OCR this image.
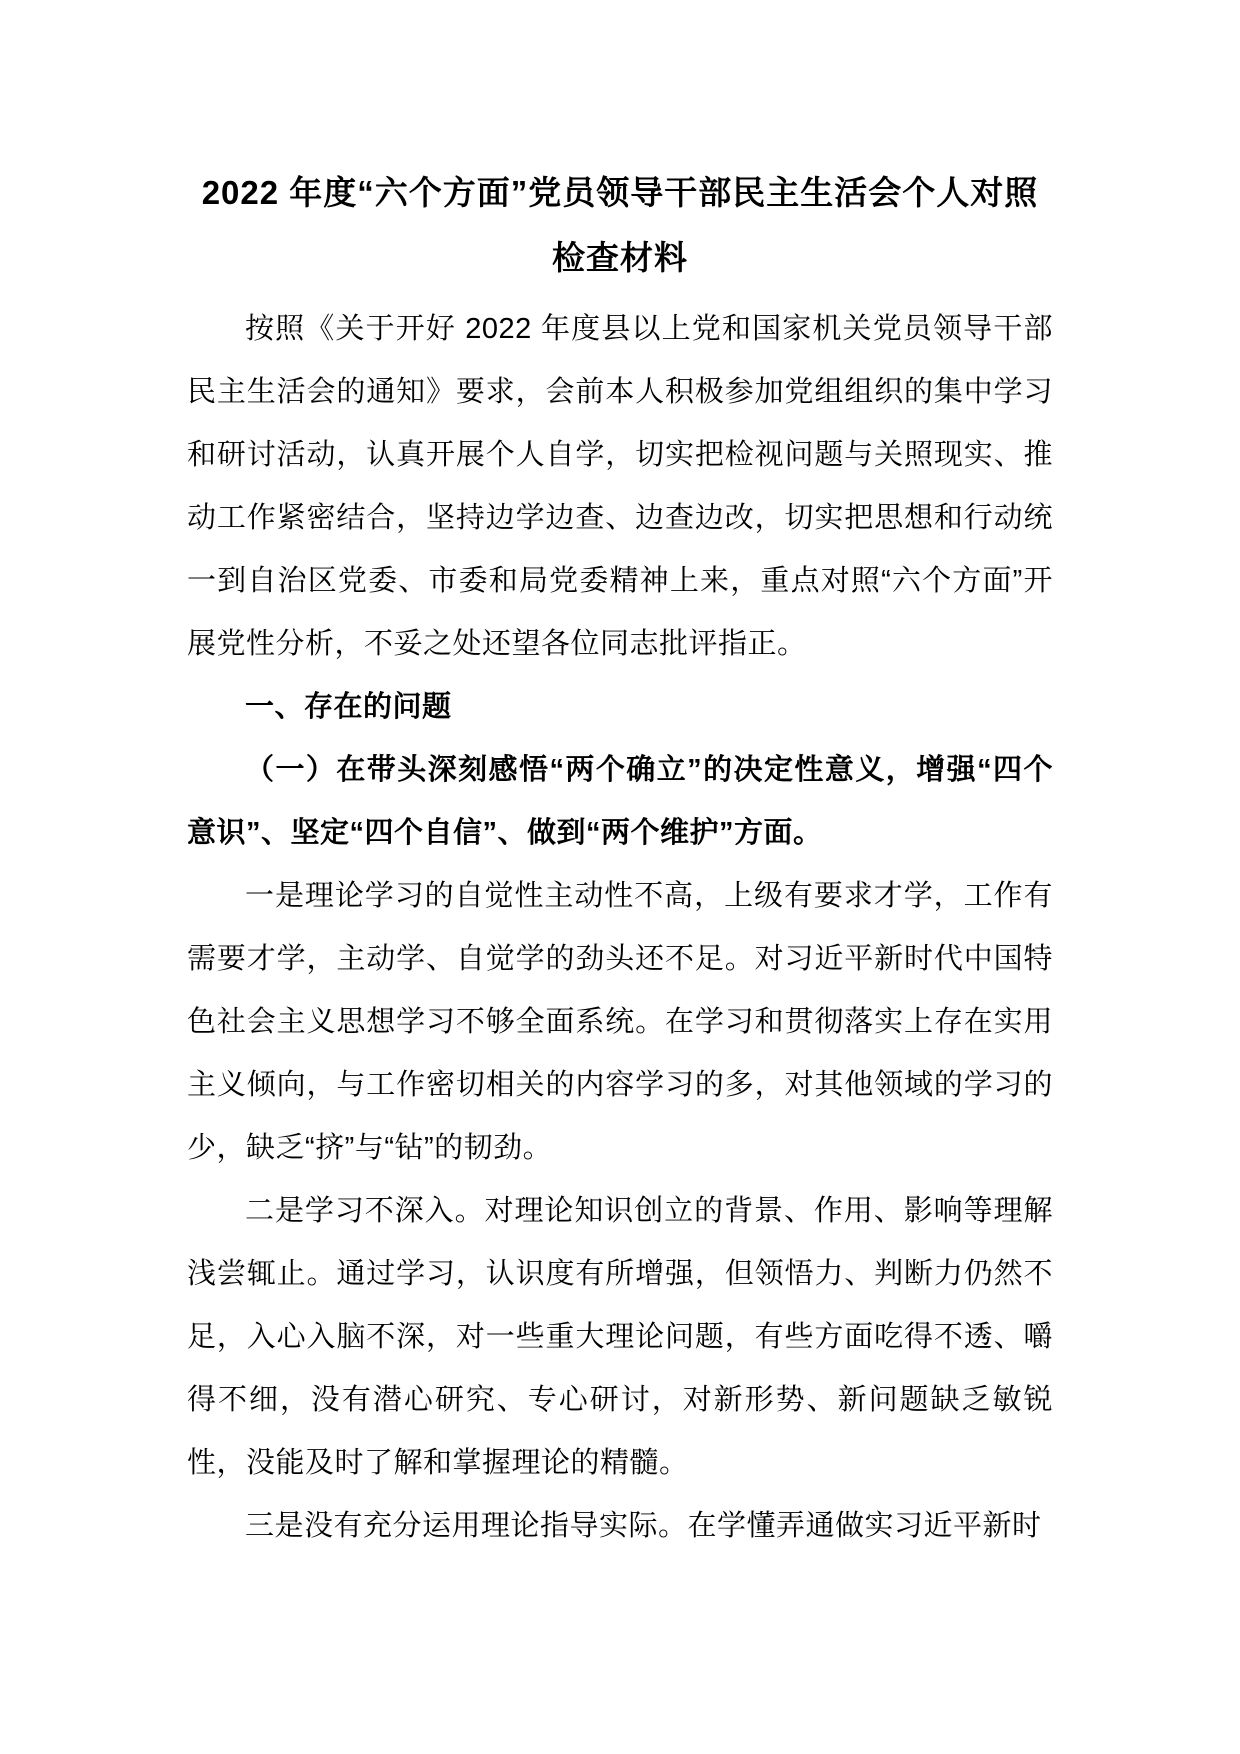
2022 年度“六个方面”党员领导干部民主生活会个人对照检查材料

按照《关于开好 2022 年度县以上党和国家机关党员领导干部民主生活会的通知》要求，会前本人积极参加党组组织的集中学习和研讨活动，认真开展个人自学，切实把检视问题与关照现实、推动工作紧密结合，坚持边学边查、边查边改，切实把思想和行动统一到自治区党委、市委和局党委精神上来，重点对照“六个方面”开展党性分析，不妥之处还望各位同志批评指正。

一、存在的问题

（一）在带头深刻感悟“两个确立”的决定性意义，增强“四个意识”、坚定“四个自信”、做到“两个维护”方面。

一是理论学习的自觉性主动性不高，上级有要求才学，工作有需要才学，主动学、自觉学的劲头还不足。对习近平新时代中国特色社会主义思想学习不够全面系统。在学习和贯彻落实上存在实用主义倾向，与工作密切相关的内容学习的多，对其他领域的学习的少，缺乏“挤”与“钻”的韧劲。

二是学习不深入。对理论知识创立的背景、作用、影响等理解浅尝辄止。通过学习，认识度有所增强，但领悟力、判断力仍然不足，入心入脑不深，对一些重大理论问题，有些方面吃得不透、嚼得不细，没有潜心研究、专心研讨，对新形势、新问题缺乏敏锐性，没能及时了解和掌握理论的精髓。

三是没有充分运用理论指导实际。在学懂弄通做实习近平新时
